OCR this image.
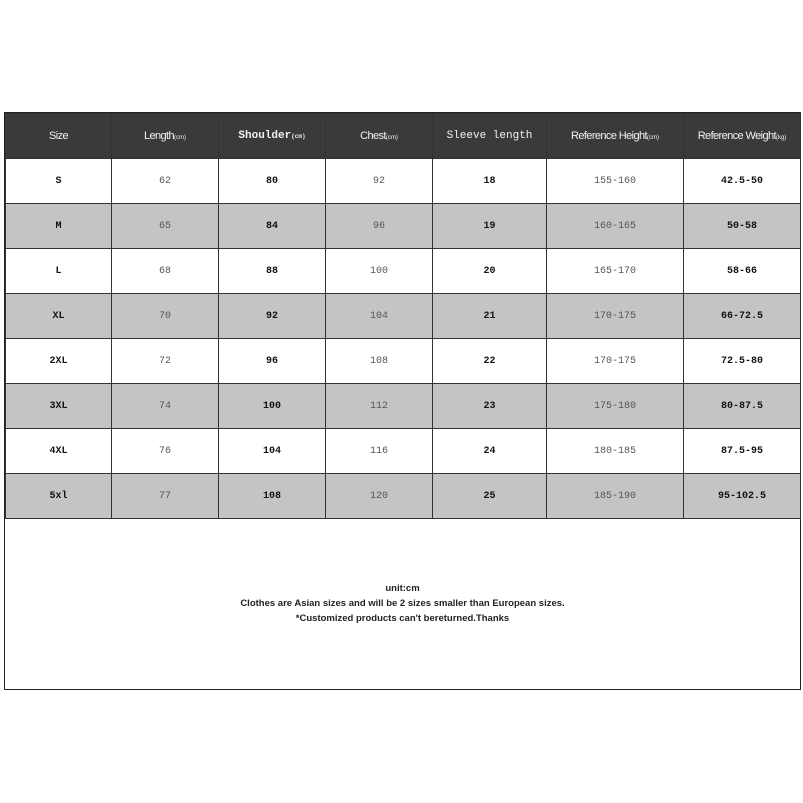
Size	Length(cm)	Shoulder(cm)	Chest(cm)	Sleeve length	Reference Height(cm)	Reference Weight(kg)
S	62	80	92	18	155-160	42.5-50
M	65	84	96	19	160-165	50-58
L	68	88	100	20	165-170	58-66
XL	70	92	104	21	170-175	66-72.5
2XL	72	96	108	22	170-175	72.5-80
3XL	74	100	112	23	175-180	80-87.5
4XL	76	104	116	24	180-185	87.5-95
5xl	77	108	120	25	185-190	95-102.5
unit:cm
Clothes are Asian sizes and will be 2 sizes smaller than European sizes.
*Customized products can't bereturned.Thanks
